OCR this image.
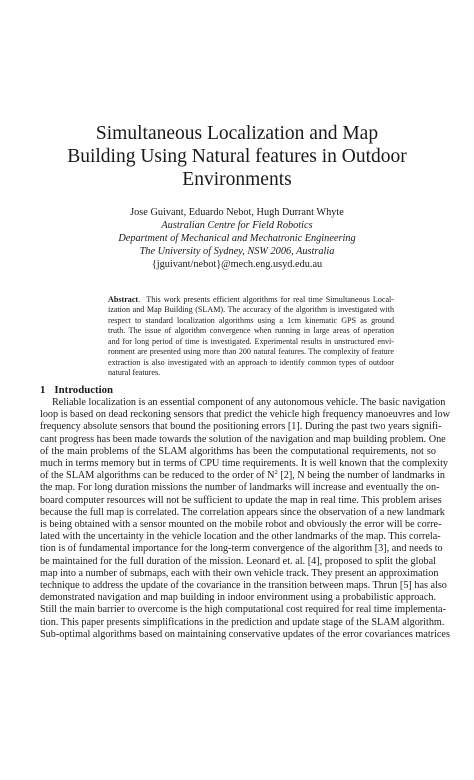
Simultaneous Localization and Map
Building Using Natural features in Outdoor
Environments
Jose Guivant, Eduardo Nebot, Hugh Durrant Whyte
Australian Centre for Field Robotics
Department of Mechanical and Mechatronic Engineering
The University of Sydney, NSW 2006, Australia
{jguivant/nebot}@mech.eng.usyd.edu.au
Abstract.  This work presents efficient algorithms for real time Simultaneous Local-
ization and Map Building (SLAM). The accuracy of the algorithm is investigated with
respect to standard localization algorithms using a 1cm kinematic GPS as ground
truth. The issue of algorithm convergence when running in large areas of operation
and for long period of time is investigated. Experimental results in unstructured envi-
ronment are presented using more than 200 natural features. The complexity of feature
extraction is also investigated with an approach to identify common types of outdoor
natural features.
1 Introduction
Reliable localization is an essential component of any autonomous vehicle. The basic navigation
loop is based on dead reckoning sensors that predict the vehicle high frequency manoeuvres and low
frequency absolute sensors that bound the positioning errors [1]. During the past two years signifi-
cant progress has been made towards the solution of the navigation and map building problem. One
of the main problems of the SLAM algorithms has been the computational requirements, not so
much in terms memory but in terms of CPU time requirements. It is well known that the complexity
of the SLAM algorithms can be reduced to the order of $N^2$ [2], N being the number of landmarks in
the map. For long duration missions the number of landmarks will increase and eventually the on-
board computer resources will not be sufficient to update the map in real time. This problem arises
because the full map is correlated. The correlation appears since the observation of a new landmark
is being obtained with a sensor mounted on the mobile robot and obviously the error will be corre-
lated with the uncertainty in the vehicle location and the other landmarks of the map. This correla-
tion is of fundamental importance for the long-term convergence of the algorithm [3], and needs to
be maintained for the full duration of the mission. Leonard et. al. [4], proposed to split the global
map into a number of submaps, each with their own vehicle track. They present an approximation
technique to address the update of the covariance in the transition between maps. Thrun [5] has also
demonstrated navigation and map building in indoor environment using a probabilistic approach.
Still the main barrier to overcome is the high computational cost required for real time implementa-
tion. This paper presents simplifications in the prediction and update stage of the SLAM algorithm.
Sub-optimal algorithms based on maintaining conservative updates of the error covariances matrices
